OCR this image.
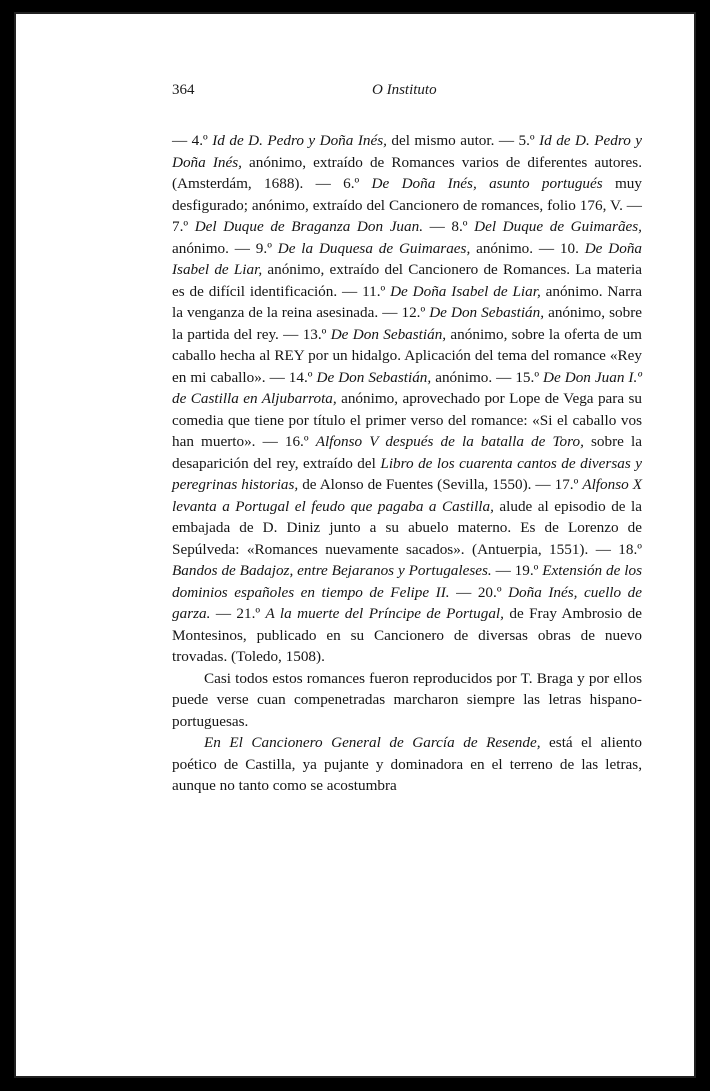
364	O Instituto

— 4.º Id de D. Pedro y Doña Inés, del mismo autor. — 5.º Id de D. Pedro y Doña Inés, anónimo, extraído de Romances varios de diferentes autores. (Amsterdám, 1688). — 6.º De Doña Inés, asunto portugués muy desfigurado; anónimo, extraído del Cancionero de romances, folio 176, V. — 7.º Del Duque de Braganza Don Juan. — 8.º Del Duque de Guimarães, anónimo. — 9.º De la Duquesa de Guimaraes, anónimo. — 10. De Doña Isabel de Liar, anónimo, extraído del Cancionero de Romances. La materia es de difícil identificación. — 11.º De Doña Isabel de Liar, anónimo. Narra la venganza de la reina asesinada. — 12.º De Don Sebastián, anónimo, sobre la partida del rey. — 13.º De Don Sebastián, anónimo, sobre la oferta de um caballo hecha al REY por un hidalgo. Aplicación del tema del romance «Rey en mi caballo». — 14.º De Don Sebastián, anónimo. — 15.º De Don Juan I.º de Castilla en Aljubarrota, anónimo, aprovechado por Lope de Vega para su comedia que tiene por título el primer verso del romance: «Si el caballo vos han muerto». — 16.º Alfonso V después de la batalla de Toro, sobre la desaparición del rey, extraído del Libro de los cuarenta cantos de diversas y peregrinas historias, de Alonso de Fuentes (Sevilla, 1550). — 17.º Alfonso X levanta a Portugal el feudo que pagaba a Castilla, alude al episodio de la embajada de D. Diniz junto a su abuelo materno. Es de Lorenzo de Sepúlveda: «Romances nuevamente sacados». (Antuerpia, 1551). — 18.º Bandos de Badajoz, entre Bejaranos y Portugaleses. — 19.º Extensión de los dominios españoles en tiempo de Felipe II. — 20.º Doña Inés, cuello de garza. — 21.º A la muerte del Príncipe de Portugal, de Fray Ambrosio de Montesinos, publicado en su Cancionero de diversas obras de nuevo trovadas. (Toledo, 1508).

Casi todos estos romances fueron reproducidos por T. Braga y por ellos puede verse cuan compenetradas marcharon siempre las letras hispano-portuguesas.

En El Cancionero General de García de Resende, está el aliento poético de Castilla, ya pujante y dominadora en el terreno de las letras, aunque no tanto como se acostumbra
